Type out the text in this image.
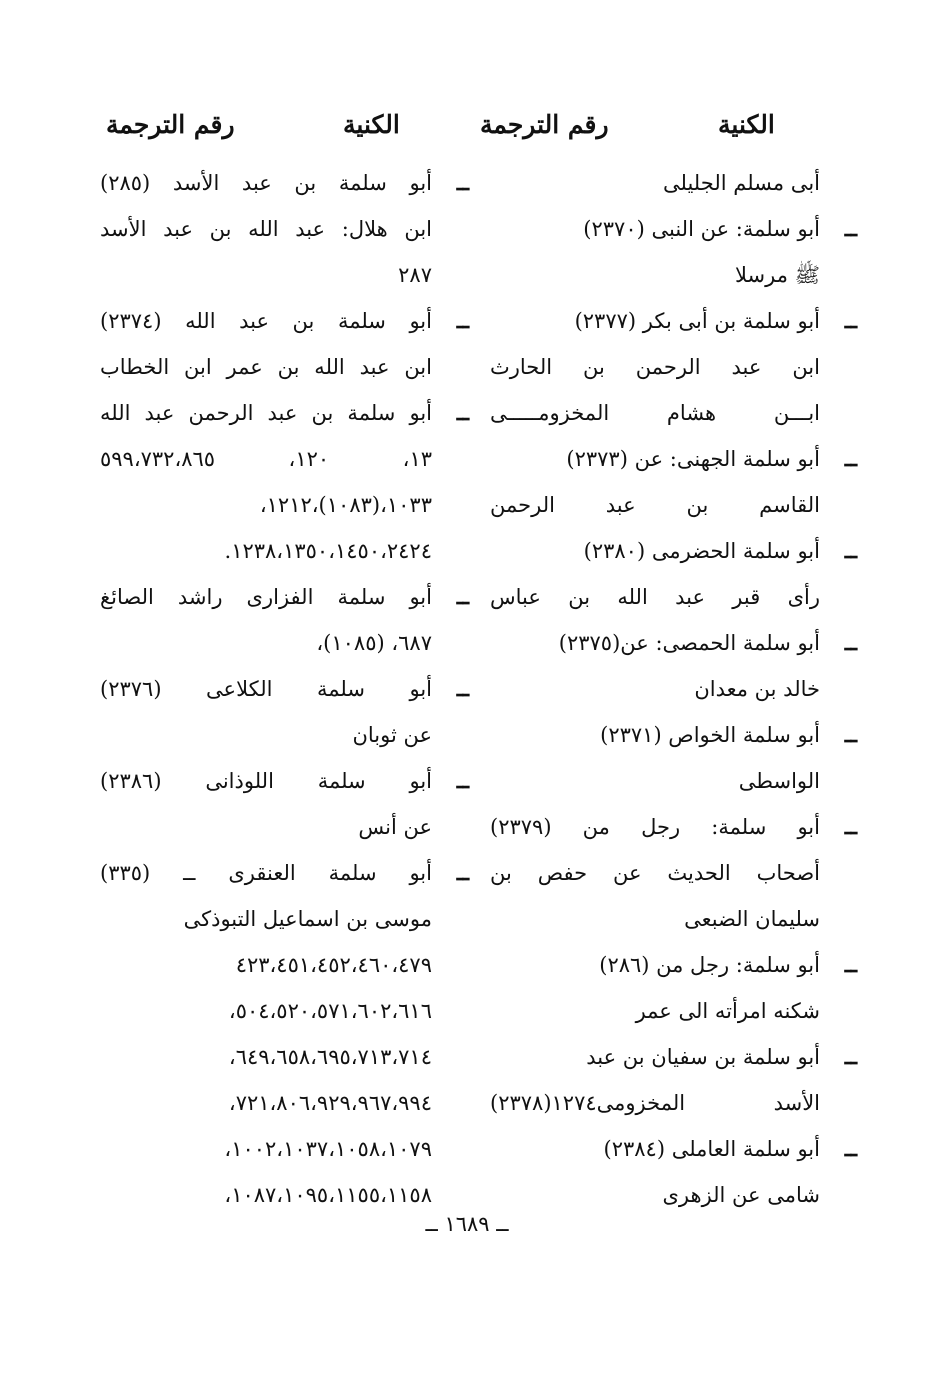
الكنية
رقم الترجمة
الكنية
رقم الترجمة
أبى مسلم الجليلى
ــ
أبو سلمة: عن النبى (٢٣٧٠)
ﷺ مرسلا
ــ
أبو سلمة بن أبى بكر (٢٣٧٧)
ابن عبد الرحمن بن الحارث
ابـــن هشام المخزومـــــى
ــ
أبو سلمة الجهنى: عن (٢٣٧٣)
القاسم بن عبد الرحمن
ــ
أبو سلمة الحضرمى (٢٣٨٠)
رأى قبر عبد الله بن عباس
ــ
أبو سلمة الحمصى: عن(٢٣٧٥)
خالد بن معدان
ــ
أبو سلمة الخواص (٢٣٧١)
الواسطى
ــ
أبو سلمة: رجل من (٢٣٧٩)
أصحاب الحديث عن حفص بن
سليمان الضبعى
ــ
أبو سلمة: رجل من (٢٨٦)
شكنه امرأته الى عمر
ــ
أبو سلمة بن سفيان بن عبد
الأسد المخزومى١٢٧٤(٢٣٧٨)
ــ
أبو سلمة العاملى (٢٣٨٤)
شامى عن الزهرى
ــ
أبو سلمة بن عبد الأسد (٢٨٥)
ابن هلال: عبد الله بن عبد الأسد
٢٨٧
ــ
أبو سلمة بن عبد الله (٢٣٧٤)
ابن عبد الله بن عمر ابن الخطاب
ــ
أبو سلمة بن عبد الرحمن عبد الله
١٣، ١٢٠، ٥٩٩،٧٣٢،٨٦٥
١٠٣٣،(١٠٨٣)،١٢١٢،
١٢٣٨،١٣٥٠،١٤٥٠،٢٤٢٤.
ــ
أبو سلمة الفزارى راشد الصائغ
٦٨٧، (١٠٨٥)،
ــ
أبو سلمة الكلاعى (٢٣٧٦)
عن ثوبان
ــ
أبو سلمة اللوذانى (٢٣٨٦)
عن أنس
ــ
أبو سلمة العنقرى ــ (٣٣٥)
موسى بن اسماعيل التبوذكى
٤٢٣،٤٥١،٤٥٢،٤٦٠،٤٧٩
٥٠٤،٥٢٠،٥٧١،٦٠٢،٦١٦،
٦٤٩،٦٥٨،٦٩٥،٧١٣،٧١٤،
٧٢١،٨٠٦،٩٢٩،٩٦٧،٩٩٤،
١٠٠٢،١٠٣٧،١٠٥٨،١٠٧٩،
١٠٨٧،١٠٩٥،١١٥٥،١١٥٨،
ــ ١٦٨٩ ــ
